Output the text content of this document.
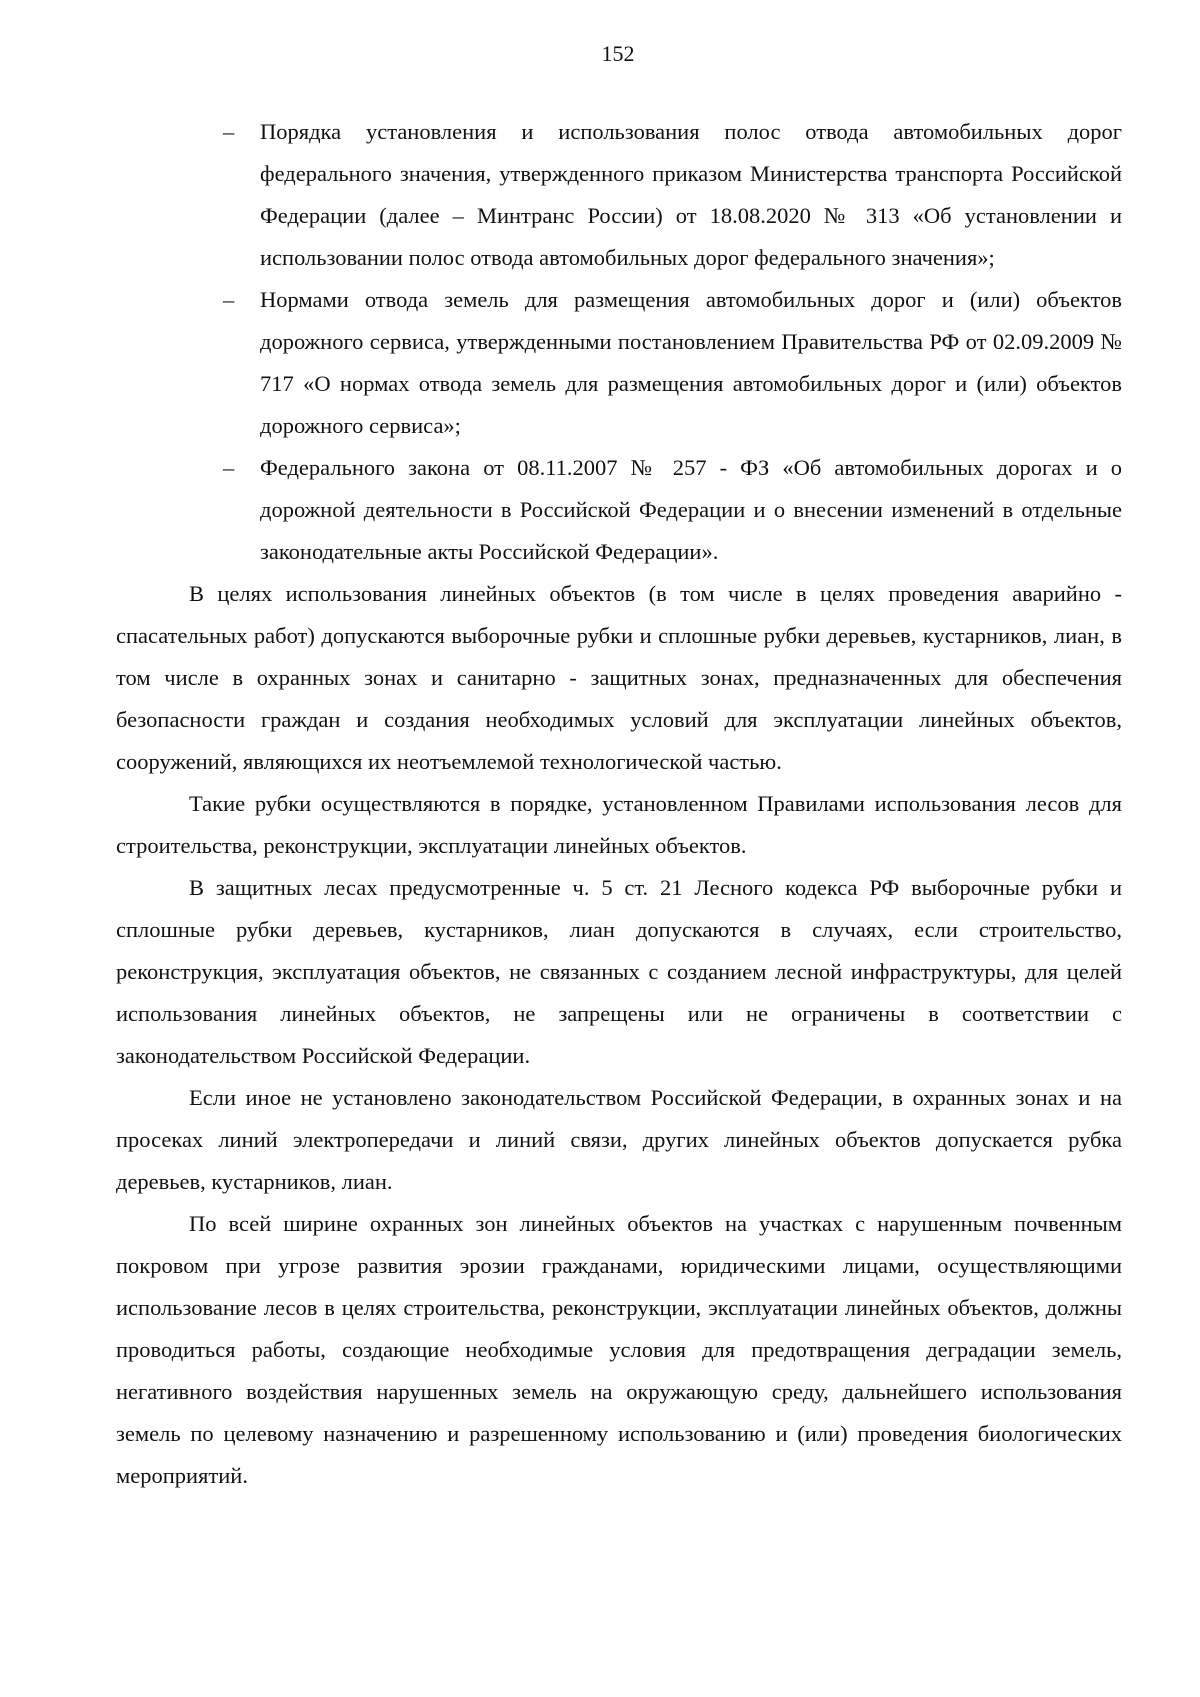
152
– Порядка установления и использования полос отвода автомобильных дорог федерального значения, утвержденного приказом Министерства транспорта Российской Федерации (далее – Минтранс России) от 18.08.2020 № 313 «Об установлении и использовании полос отвода автомобильных дорог федерального значения»;
– Нормами отвода земель для размещения автомобильных дорог и (или) объектов дорожного сервиса, утвержденными постановлением Правительства РФ от 02.09.2009 № 717 «О нормах отвода земель для размещения автомобильных дорог и (или) объектов дорожного сервиса»;
– Федерального закона от 08.11.2007 № 257 - ФЗ «Об автомобильных дорогах и о дорожной деятельности в Российской Федерации и о внесении изменений в отдельные законодательные акты Российской Федерации».

В целях использования линейных объектов (в том числе в целях проведения аварийно - спасательных работ) допускаются выборочные рубки и сплошные рубки деревьев, кустарников, лиан, в том числе в охранных зонах и санитарно - защитных зонах, предназначенных для обеспечения безопасности граждан и создания необходимых условий для эксплуатации линейных объектов, сооружений, являющихся их неотъемлемой технологической частью.

Такие рубки осуществляются в порядке, установленном Правилами использования лесов для строительства, реконструкции, эксплуатации линейных объектов.

В защитных лесах предусмотренные ч. 5 ст. 21 Лесного кодекса РФ выборочные рубки и сплошные рубки деревьев, кустарников, лиан допускаются в случаях, если строительство, реконструкция, эксплуатация объектов, не связанных с созданием лесной инфраструктуры, для целей использования линейных объектов, не запрещены или не ограничены в соответствии с законодательством Российской Федерации.

Если иное не установлено законодательством Российской Федерации, в охранных зонах и на просеках линий электропередачи и линий связи, других линейных объектов допускается рубка деревьев, кустарников, лиан.

По всей ширине охранных зон линейных объектов на участках с нарушенным почвенным покровом при угрозе развития эрозии гражданами, юридическими лицами, осуществляющими использование лесов в целях строительства, реконструкции, эксплуатации линейных объектов, должны проводиться работы, создающие необходимые условия для предотвращения деградации земель, негативного воздействия нарушенных земель на окружающую среду, дальнейшего использования земель по целевому назначению и разрешенному использованию и (или) проведения биологических мероприятий.
